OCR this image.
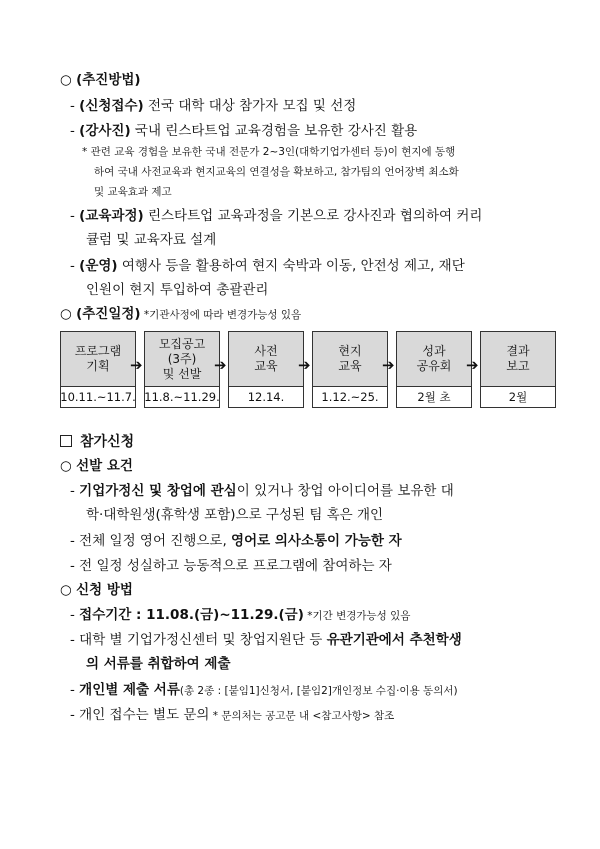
○ (추진방법)
- (신청접수) 전국 대학 대상 참가자 모집 및 선정
- (강사진) 국내 린스타트업 교육경험을 보유한 강사진 활용
* 관련 교육 경험을 보유한 국내 전문가 2~3인(대학기업가센터 등)이 현지에 동행
하여 국내 사전교육과 현지교육의 연결성을 확보하고, 참가팀의 언어장벽 최소화
및 교육효과 제고
- (교육과정) 린스타트업 교육과정을 기본으로 강사진과 협의하여 커리
큘럼 및 교육자료 설계
- (운영) 여행사 등을 활용하여 현지 숙박과 이동, 안전성 제고, 재단
인원이 현지 투입하여 총괄관리
○ (추진일정) *기관사정에 따라 변경가능성 있음
프로그램
기획
10.11.~11.7.
➔
모집공고
(3주)
및 선발
11.8.~11.29.
➔
사전
교육
12.14.
➔
현지
교육
1.12.~25.
➔
성과
공유회
2월 초
➔
결과
보고
2월
참가신청
○ 선발 요건
- 기업가정신 및 창업에 관심이 있거나 창업 아이디어를 보유한 대
학·대학원생(휴학생 포함)으로 구성된 팀 혹은 개인
- 전체 일정 영어 진행으로, 영어로 의사소통이 가능한 자
- 전 일정 성실하고 능동적으로 프로그램에 참여하는 자
○ 신청 방법
- 접수기간 : 11.08.(금)~11.29.(금) *기간 변경가능성 있음
- 대학 별 기업가정신센터 및 창업지원단 등 유관기관에서 추천학생
의 서류를 취합하여 제출
- 개인별 제출 서류(총 2종 : [붙임1]신청서, [붙임2]개인정보 수집·이용 동의서)
- 개인 접수는 별도 문의 * 문의처는 공고문 내 <참고사항> 참조
